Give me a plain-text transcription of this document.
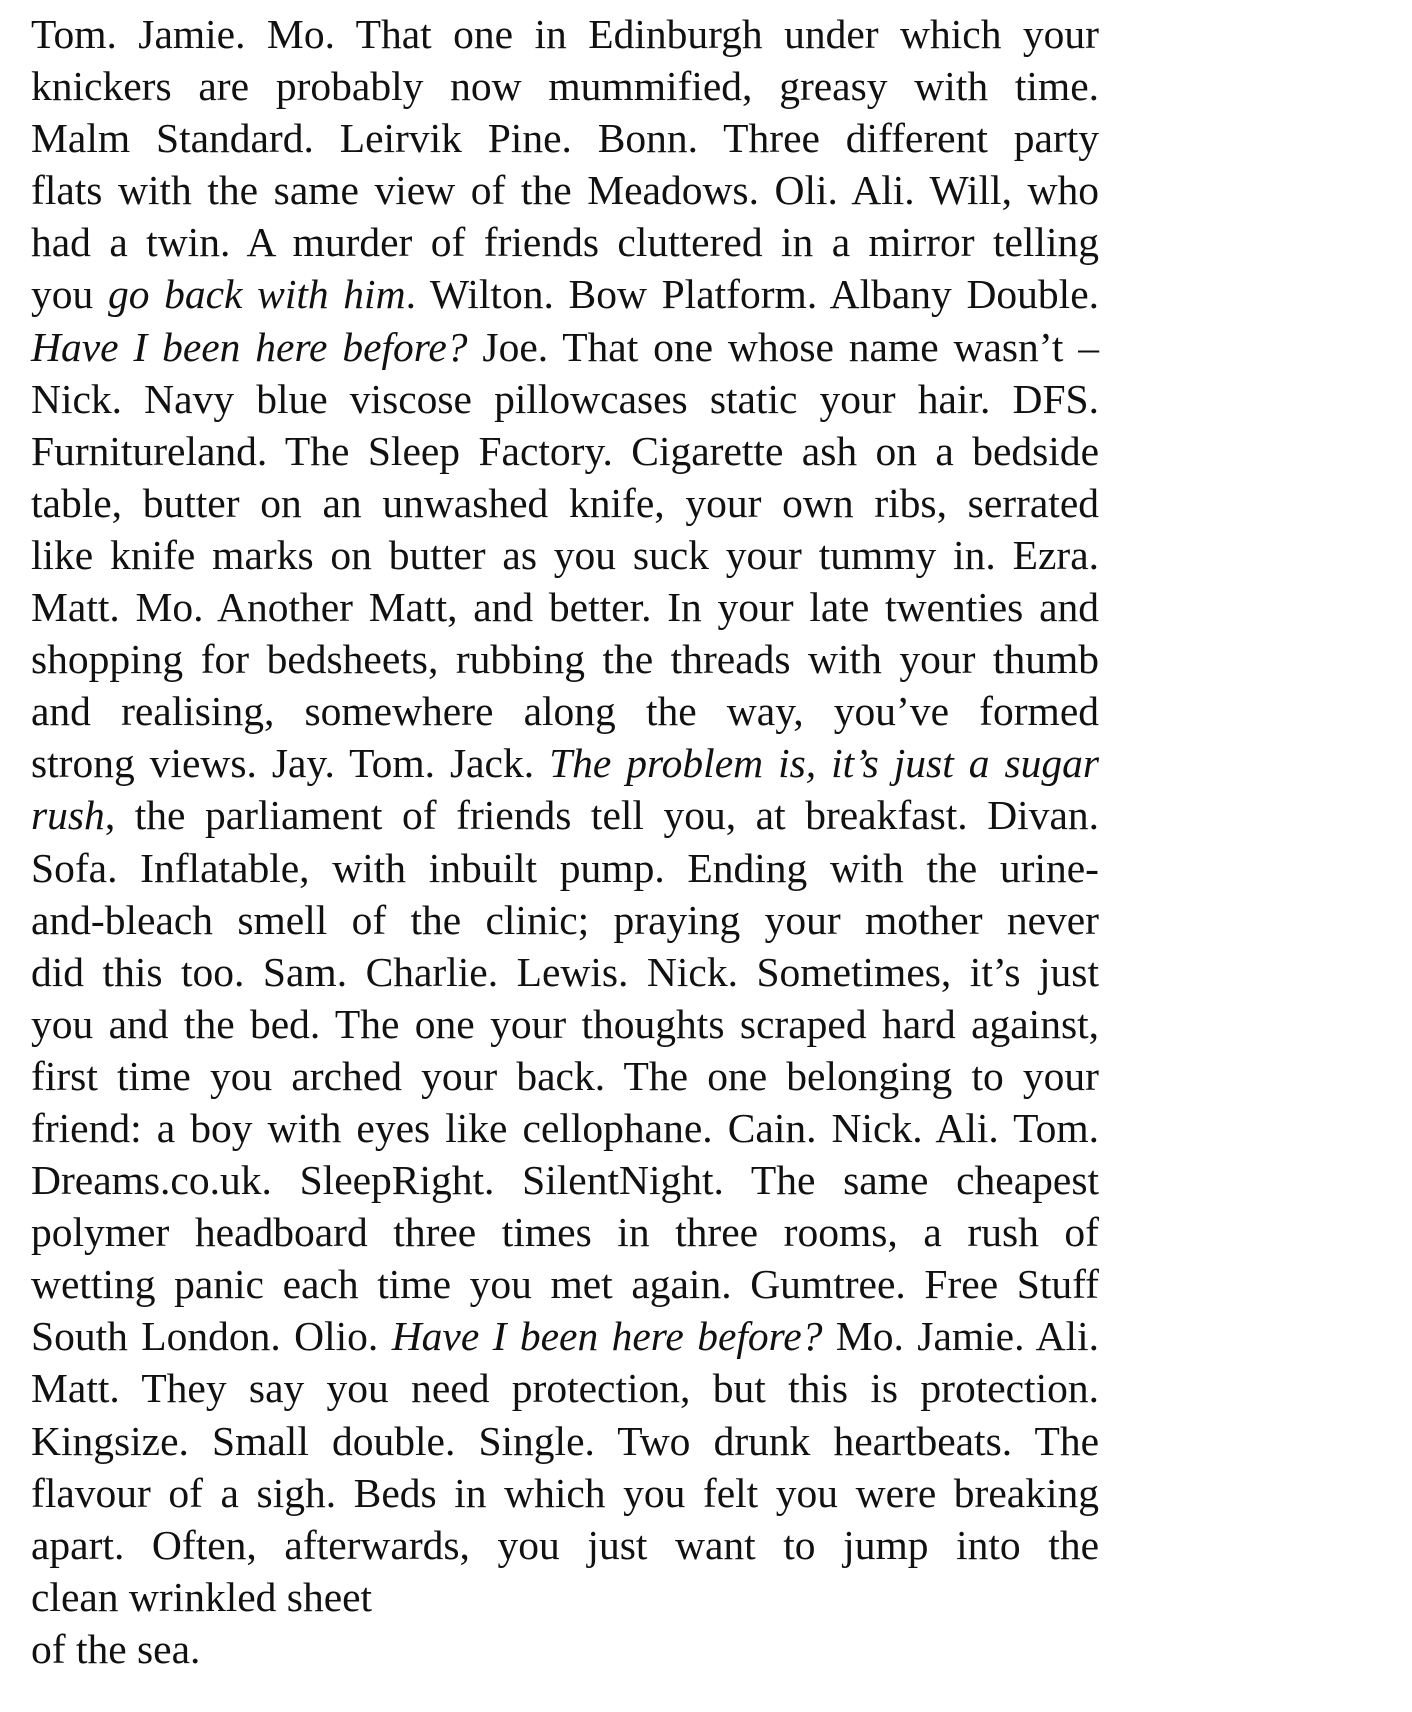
Tom. Jamie. Mo. That one in Edinburgh under which your
knickers are probably now mummified, greasy with time.
Malm Standard. Leirvik Pine. Bonn. Three different party
flats with the same view of the Meadows. Oli. Ali. Will, who
had a twin. A murder of friends cluttered in a mirror telling
you go back with him. Wilton. Bow Platform. Albany Double.
Have I been here before? Joe. That one whose name wasn’t –
Nick. Navy blue viscose pillowcases static your hair. DFS.
Furnitureland. The Sleep Factory. Cigarette ash on a bedside
table, butter on an unwashed knife, your own ribs, serrated
like knife marks on butter as you suck your tummy in. Ezra.
Matt. Mo. Another Matt, and better. In your late twenties and
shopping for bedsheets, rubbing the threads with your thumb
and realising, somewhere along the way, you’ve formed
strong views. Jay. Tom. Jack. The problem is, it’s just a sugar
rush, the parliament of friends tell you, at breakfast. Divan.
Sofa. Inflatable, with inbuilt pump. Ending with the urine-
and-bleach smell of the clinic; praying your mother never
did this too. Sam. Charlie. Lewis. Nick. Sometimes, it’s just
you and the bed. The one your thoughts scraped hard against,
first time you arched your back. The one belonging to your
friend: a boy with eyes like cellophane. Cain. Nick. Ali. Tom.
Dreams.co.uk. SleepRight. SilentNight. The same cheapest
polymer headboard three times in three rooms, a rush of
wetting panic each time you met again. Gumtree. Free Stuff
South London. Olio. Have I been here before? Mo. Jamie. Ali.
Matt. They say you need protection, but this is protection.
Kingsize. Small double. Single. Two drunk heartbeats. The
flavour of a sigh. Beds in which you felt you were breaking
apart. Often, afterwards, you just want to jump into the
clean wrinkled sheet
of the sea.
